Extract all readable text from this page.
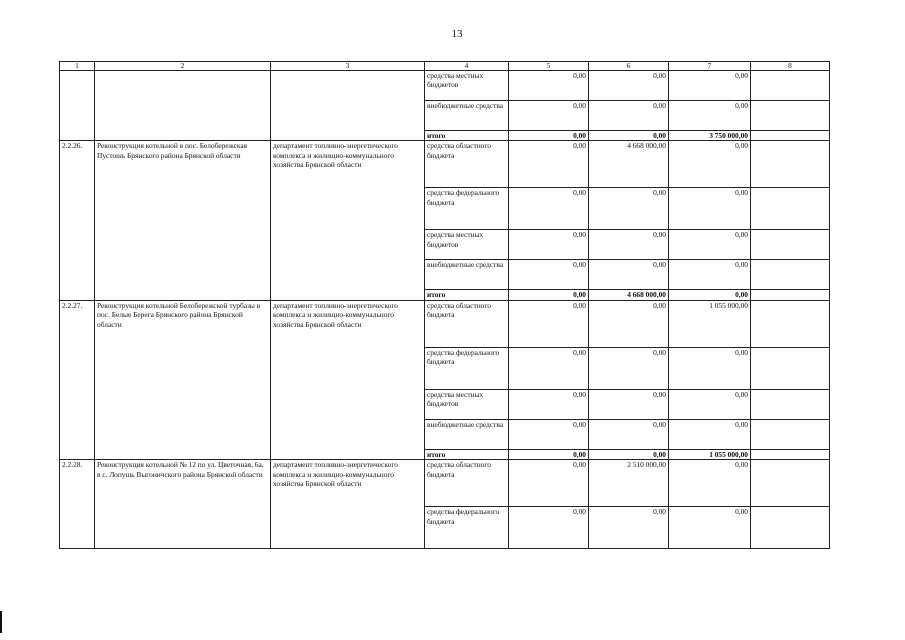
13
1	2	3	4	5	6	7	8
			средства местных бюджетов	0,00	0,00	0,00	
			внебюджетные средства	0,00	0,00	0,00	
			итого	0,00	0,00	3 750 000,00	
2.2.26.	Реконструкция котельной в пос. Белобережская Пустошь Брянского района Брянской области	департамент топливно-энергетического комплекса и жилищно-коммунального хозяйства Брянской области	средства областного бюджета	0,00	4 668 000,00	0,00	
			средства федерального бюджета	0,00	0,00	0,00	
			средства местных бюджетов	0,00	0,00	0,00	
			внебюджетные средства	0,00	0,00	0,00	
			итого	0,00	4 668 000,00	0,00	
2.2.27.	Реконструкция котельной Белобережской турбазы в пос. Белые Берега Брянского района Брянской области	департамент топливно-энергетического комплекса и жилищно-коммунального хозяйства Брянской области	средства областного бюджета	0,00	0,00	1 055 000,00	
			средства федерального бюджета	0,00	0,00	0,00	
			средства местных бюджетов	0,00	0,00	0,00	
			внебюджетные средства	0,00	0,00	0,00	
			итого	0,00	0,00	1 055 000,00	
2.2.28.	Реконструкция котельной № 12 по ул. Цветочная, 6а, в с. Лопушь Выгоничского района Брянской области	департамент топливно-энергетического комплекса и жилищно-коммунального хозяйства Брянской области	средства областного бюджета	0,00	2 510 000,00	0,00	
			средства федерального бюджета	0,00	0,00	0,00	
